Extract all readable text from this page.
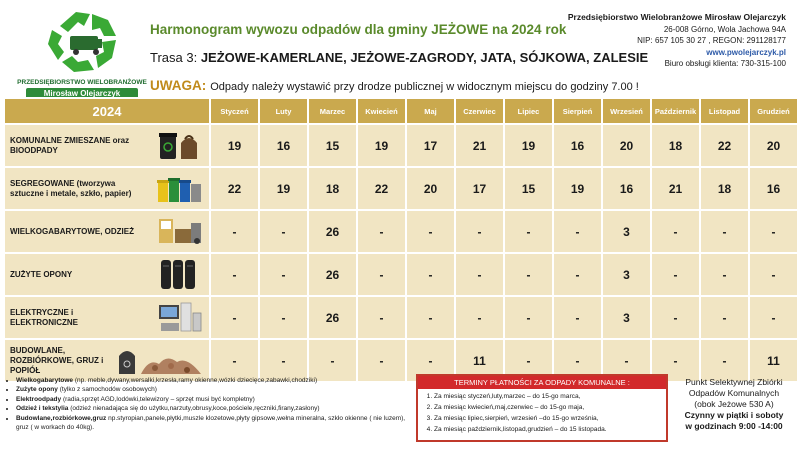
PRZEDSIĘBIORSTWO WIELOBRANŻOWE
Mirosław Olejarczyk
Harmonogram wywozu odpadów dla gminy JEŻOWE na 2024 rok
Trasa 3: JEŻOWE-KAMERLANE, JEŻOWE-ZAGRODY, JATA, SÓJKOWA, ZALESIE
UWAGA: Odpady należy wystawić przy drodze publicznej w widocznym miejscu do godziny 7.00 !
Przedsiębiorstwo Wielobranżowe Mirosław Olejarczyk
26-008 Górno, Wola Jachowa 94A
NIP: 657 105 30 27 , REGON: 291128177
www.pwolejarczyk.pl
Biuro obsługi klienta: 730-315-100
2024	Styczeń	Luty	Marzec	Kwiecień	Maj	Czerwiec	Lipiec	Sierpień	Wrzesień	Październik	Listopad	Grudzień

KOMUNALNE ZMIESZANE oraz BIOODPADY	19	16	15	19	17	21	19	16	20	18	22	20

SEGREGOWANE (tworzywa sztuczne i metale, szkło, papier)	22	19	18	22	20	17	15	19	16	21	18	16

WIELKOGABARYTOWE, ODZIEŻ	-	-	26	-	-	-	-	-	3	-	-	-

ZUŻYTE OPONY	-	-	26	-	-	-	-	-	3	-	-	-

ELEKTRYCZNE i ELEKTRONICZNE	-	-	26	-	-	-	-	-	3	-	-	-

BUDOWLANE, ROZBIÓRKOWE, GRUZ i POPIÓŁ	-	-	-	-	-	11	-	-	-	-	-	11
• Wielkogabarytowe (np. meble,dywany,wersalki,krzesła,ramy okienne,wózki dziecięce,zabawki,chodziki)
• Zużyte opony (tylko z samochodów osobowych)
• Elektroodpady (radia,sprzęt AGD,lodówki,telewizory – sprzęt musi być kompletny)
• Odzież i tekstylia (odzież nienadająca się do użytku,narzuty,obrusy,koce,pościele,ręczniki,firany,zasłony)
• Budowlane,rozbiórkowe,gruz np.styropian,panele,płytki,muszle klozetowe,płyty gipsowe,wełna mineralna, szkło okienne ( nie luzem), gruz ( w workach do 40kg).
TERMINY PŁATNOŚCI ZA ODPADY KOMUNALNE :
1. Za miesiąc styczeń,luty,marzec – do 15-go marca,
2. Za miesiąc kwiecień,maj,czerwiec – do 15-go maja,
3. Za miesiąc lipiec,sierpień, wrzesień –do 15-go września,
4. Za miesiąc październik,listopad,grudzień – do 15 listopada.
Punkt Selektywnej Zbiórki
Odpadów Komunalnych
(obok Jeżowe 530 A)
Czynny w piątki i soboty
w godzinach 9:00 -14:00
